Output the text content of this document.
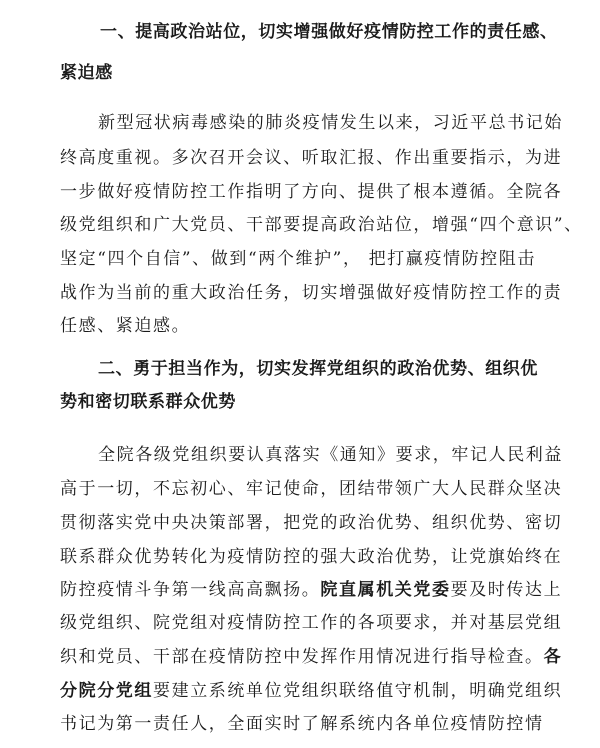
一、提高政治站位，切实增强做好疫情防控工作的责任感、
紧迫感
新型冠状病毒感染的肺炎疫情发生以来，习近平总书记始
终高度重视。多次召开会议、听取汇报、作出重要指示，为进
一步做好疫情防控工作指明了方向、提供了根本遵循。全院各
级党组织和广大党员、干部要提高政治站位，增强“四个意识”、
坚定“四个自信”、做到“两个维护”， 把打赢疫情防控阻击
战作为当前的重大政治任务，切实增强做好疫情防控工作的责
任感、紧迫感。
二、勇于担当作为，切实发挥党组织的政治优势、组织优
势和密切联系群众优势
全院各级党组织要认真落实《通知》要求，牢记人民利益
高于一切，不忘初心、牢记使命，团结带领广大人民群众坚决
贯彻落实党中央决策部署，把党的政治优势、组织优势、密切
联系群众优势转化为疫情防控的强大政治优势，让党旗始终在
防控疫情斗争第一线高高飘扬。院直属机关党委要及时传达上
级党组织、院党组对疫情防控工作的各项要求，并对基层党组
织和党员、干部在疫情防控中发挥作用情况进行指导检查。各
分院分党组要建立系统单位党组织联络值守机制，明确党组织
书记为第一责任人，全面实时了解系统内各单位疫情防控情
